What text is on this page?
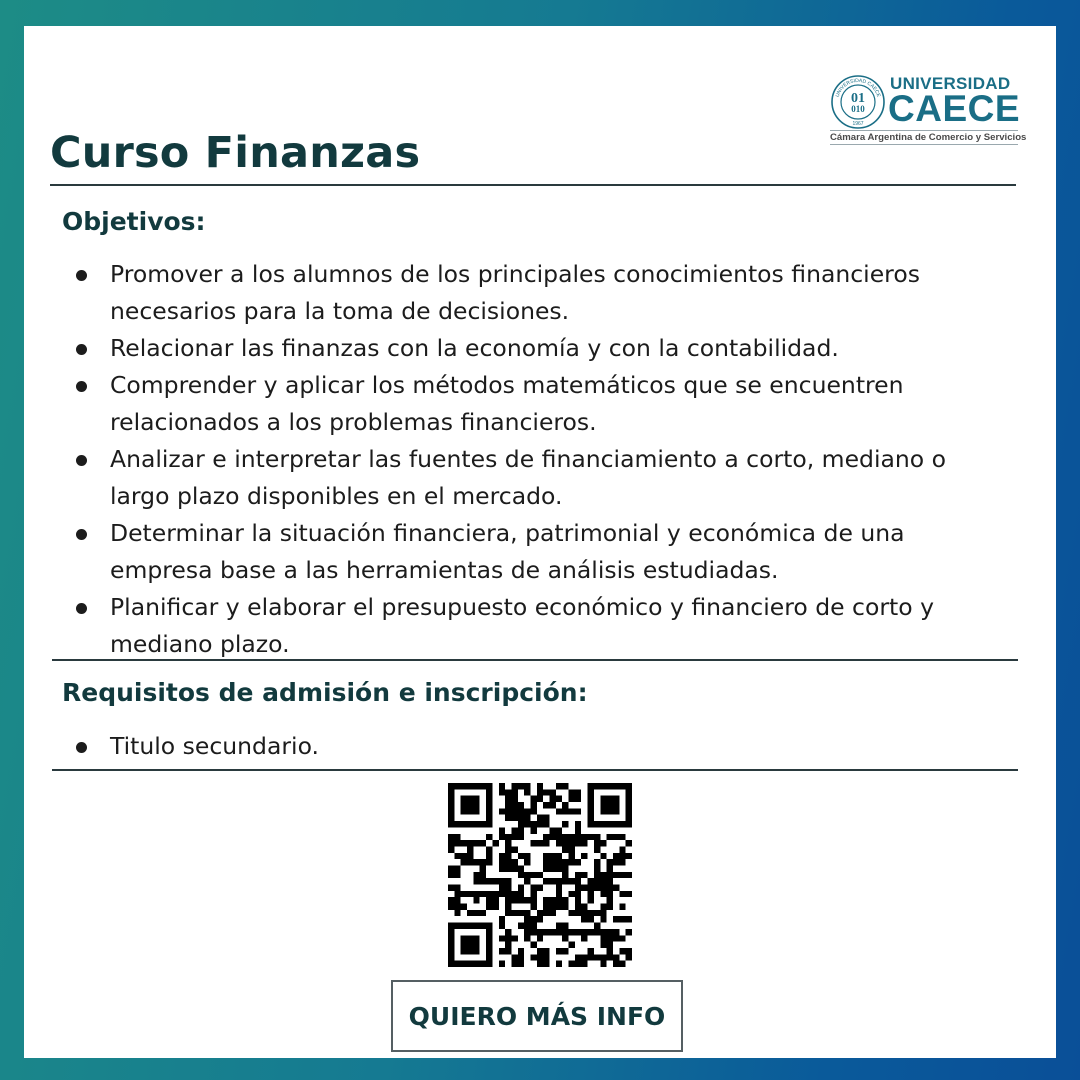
01
010
UNIVERSIDAD CAECE
1967
UNIVERSIDAD
CAECE
Cámara Argentina de Comercio y Servicios
Curso Finanzas
Objetivos:
Promover a los alumnos de los principales conocimientos financieros necesarios para la toma de decisiones.
Relacionar las finanzas con la economía y con la contabilidad.
Comprender y aplicar los métodos matemáticos que se encuentren relacionados a los problemas financieros.
Analizar e interpretar las fuentes de financiamiento a corto, mediano o largo plazo disponibles en el mercado.
Determinar la situación financiera, patrimonial y económica de una empresa base a las herramientas de análisis estudiadas.
Planificar y elaborar el presupuesto económico y financiero de corto y mediano plazo.
Requisitos de admisión e inscripción:
Titulo secundario.
QUIERO MÁS INFO
